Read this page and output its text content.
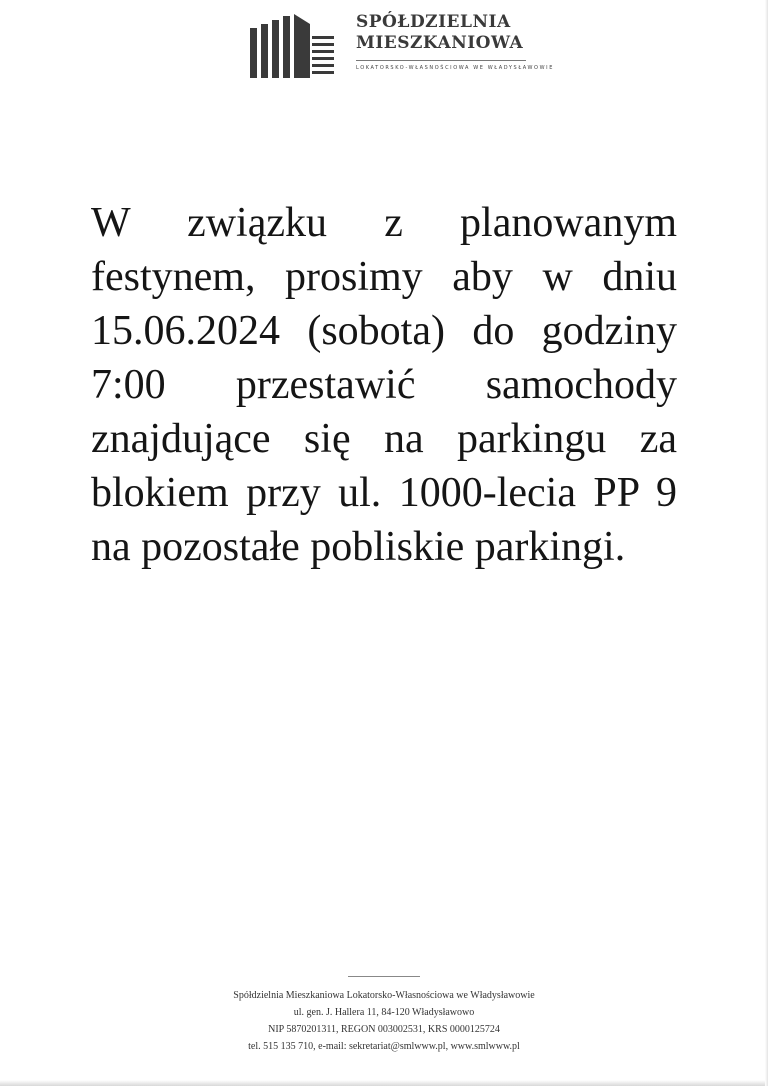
SPÓŁDZIELNIA
MIESZKANIOWA
LOKATORSKO-WŁASNOŚCIOWA WE WŁADYSŁAWOWIE

W związku z planowanym festynem, prosimy aby w dniu 15.06.2024 (sobota) do godziny 7:00 przestawić samochody znajdujące się na parkingu za blokiem przy ul. 1000-lecia PP 9 na pozostałe pobliskie parkingi.

Spółdzielnia Mieszkaniowa Lokatorsko-Własnościowa we Władysławowie
ul. gen. J. Hallera 11, 84-120 Władysławowo
NIP 5870201311, REGON 003002531, KRS 0000125724
tel. 515 135 710, e-mail: sekretariat@smlwww.pl, www.smlwww.pl
